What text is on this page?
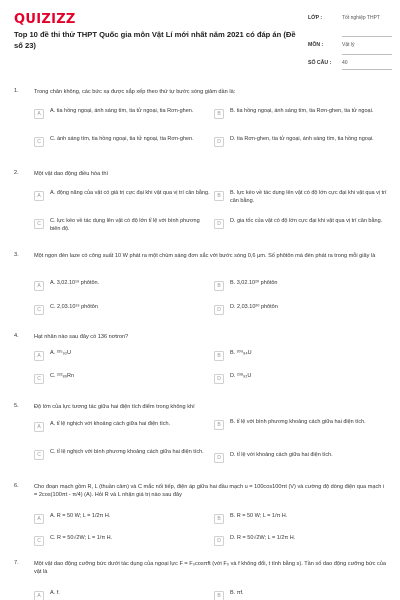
QUIZIZZ
Top 10 đề thi thử THPT Quốc gia môn Vật Lí mới nhất năm 2021 có đáp án (Đề số 23)
LỚP :	Tốt nghiệp THPT
MÔN :	Vật lý
SỐ CÂU :	40
1.	Trong chân không, các bức xạ được sắp xếp theo thứ tự bước sóng giảm dần là:
A	A. tia hồng ngoại, ánh sáng tím, tia tử ngoại, tia Rơn-ghen.	B	B. tia hồng ngoại, ánh sáng tím, tia Rơn-ghen, tia tử ngoại.
C	C. ánh sáng tím, tia hồng ngoại, tia tử ngoại, tia Rơn-ghen.	D	D. tia Rơn-ghen, tia tử ngoại, ánh sáng tím, tia hồng ngoại.
2.	Một vật dao động điều hòa thì
A	A. động năng của vật có giá trị cực đại khi vật qua vị trí cân bằng.	B	B. lực kéo về tác dụng lên vật có độ lớn cực đại khi vật qua vị trí cân bằng.
C	C. lực kéo về tác dụng lên vật có độ lớn tỉ lệ với bình phương biên độ.
D	D. gia tốc của vật có độ lớn cực đại khi vật qua vị trí cân bằng.
3.	Một ngọn đèn laze có công suất 10 W phát ra một chùm sáng đơn sắc với bước sóng 0,6 μm. Số phôtôn mà đèn phát ra trong mỗi giây là
A	A. 3,02.10¹⁹ phôtôn.	B	B. 3,02.10²⁰ phôtôn
C	C. 2,03.10¹⁹ phôtôn	D	D. 2,03.10²⁰ phôtôn
4.	Hạt nhân nào sau đây có 136 nơtron?
A	A. ²³⁵₉₂U	B	B. ²⁰⁹₈₄U
C	C. ²²²₈₆Rn	D	D. ²³⁸₉₂U
5.	Độ lớn của lực tương tác giữa hai điện tích điểm trong không khí
A	A. tỉ lệ nghịch với khoảng cách giữa hai điện tích.	B	B. tỉ lệ với bình phương khoảng cách giữa hai điện tích.
C	C. tỉ lệ nghịch với bình phương khoảng cách giữa hai điện tích.
D	D. tỉ lệ với khoảng cách giữa hai điện tích.
6.	Cho đoạn mạch gồm R, L (thuần cảm) và C mắc nối tiếp, điện áp giữa hai đầu mạch u = 100cos100πt (V) và cường độ dòng điện qua mạch i = 2cos(100πt - π/4) (A). Hỏi R và L nhận giá trị nào sau đây
A	A. R = 50 W; L = 1/2π H.	B	B. R = 50 W; L = 1/π H.
C	C. R = 50√2W; L = 1/π H.	D	D. R = 50√2W; L = 1/2π H.
7.	Một vật dao động cưỡng bức dưới tác dụng của ngoại lực F = F₀cosπft (với F₀ và f không đổi, t tính bằng s). Tần số dao động cưỡng bức của vật là
A	A. f.	B	B. πf.
